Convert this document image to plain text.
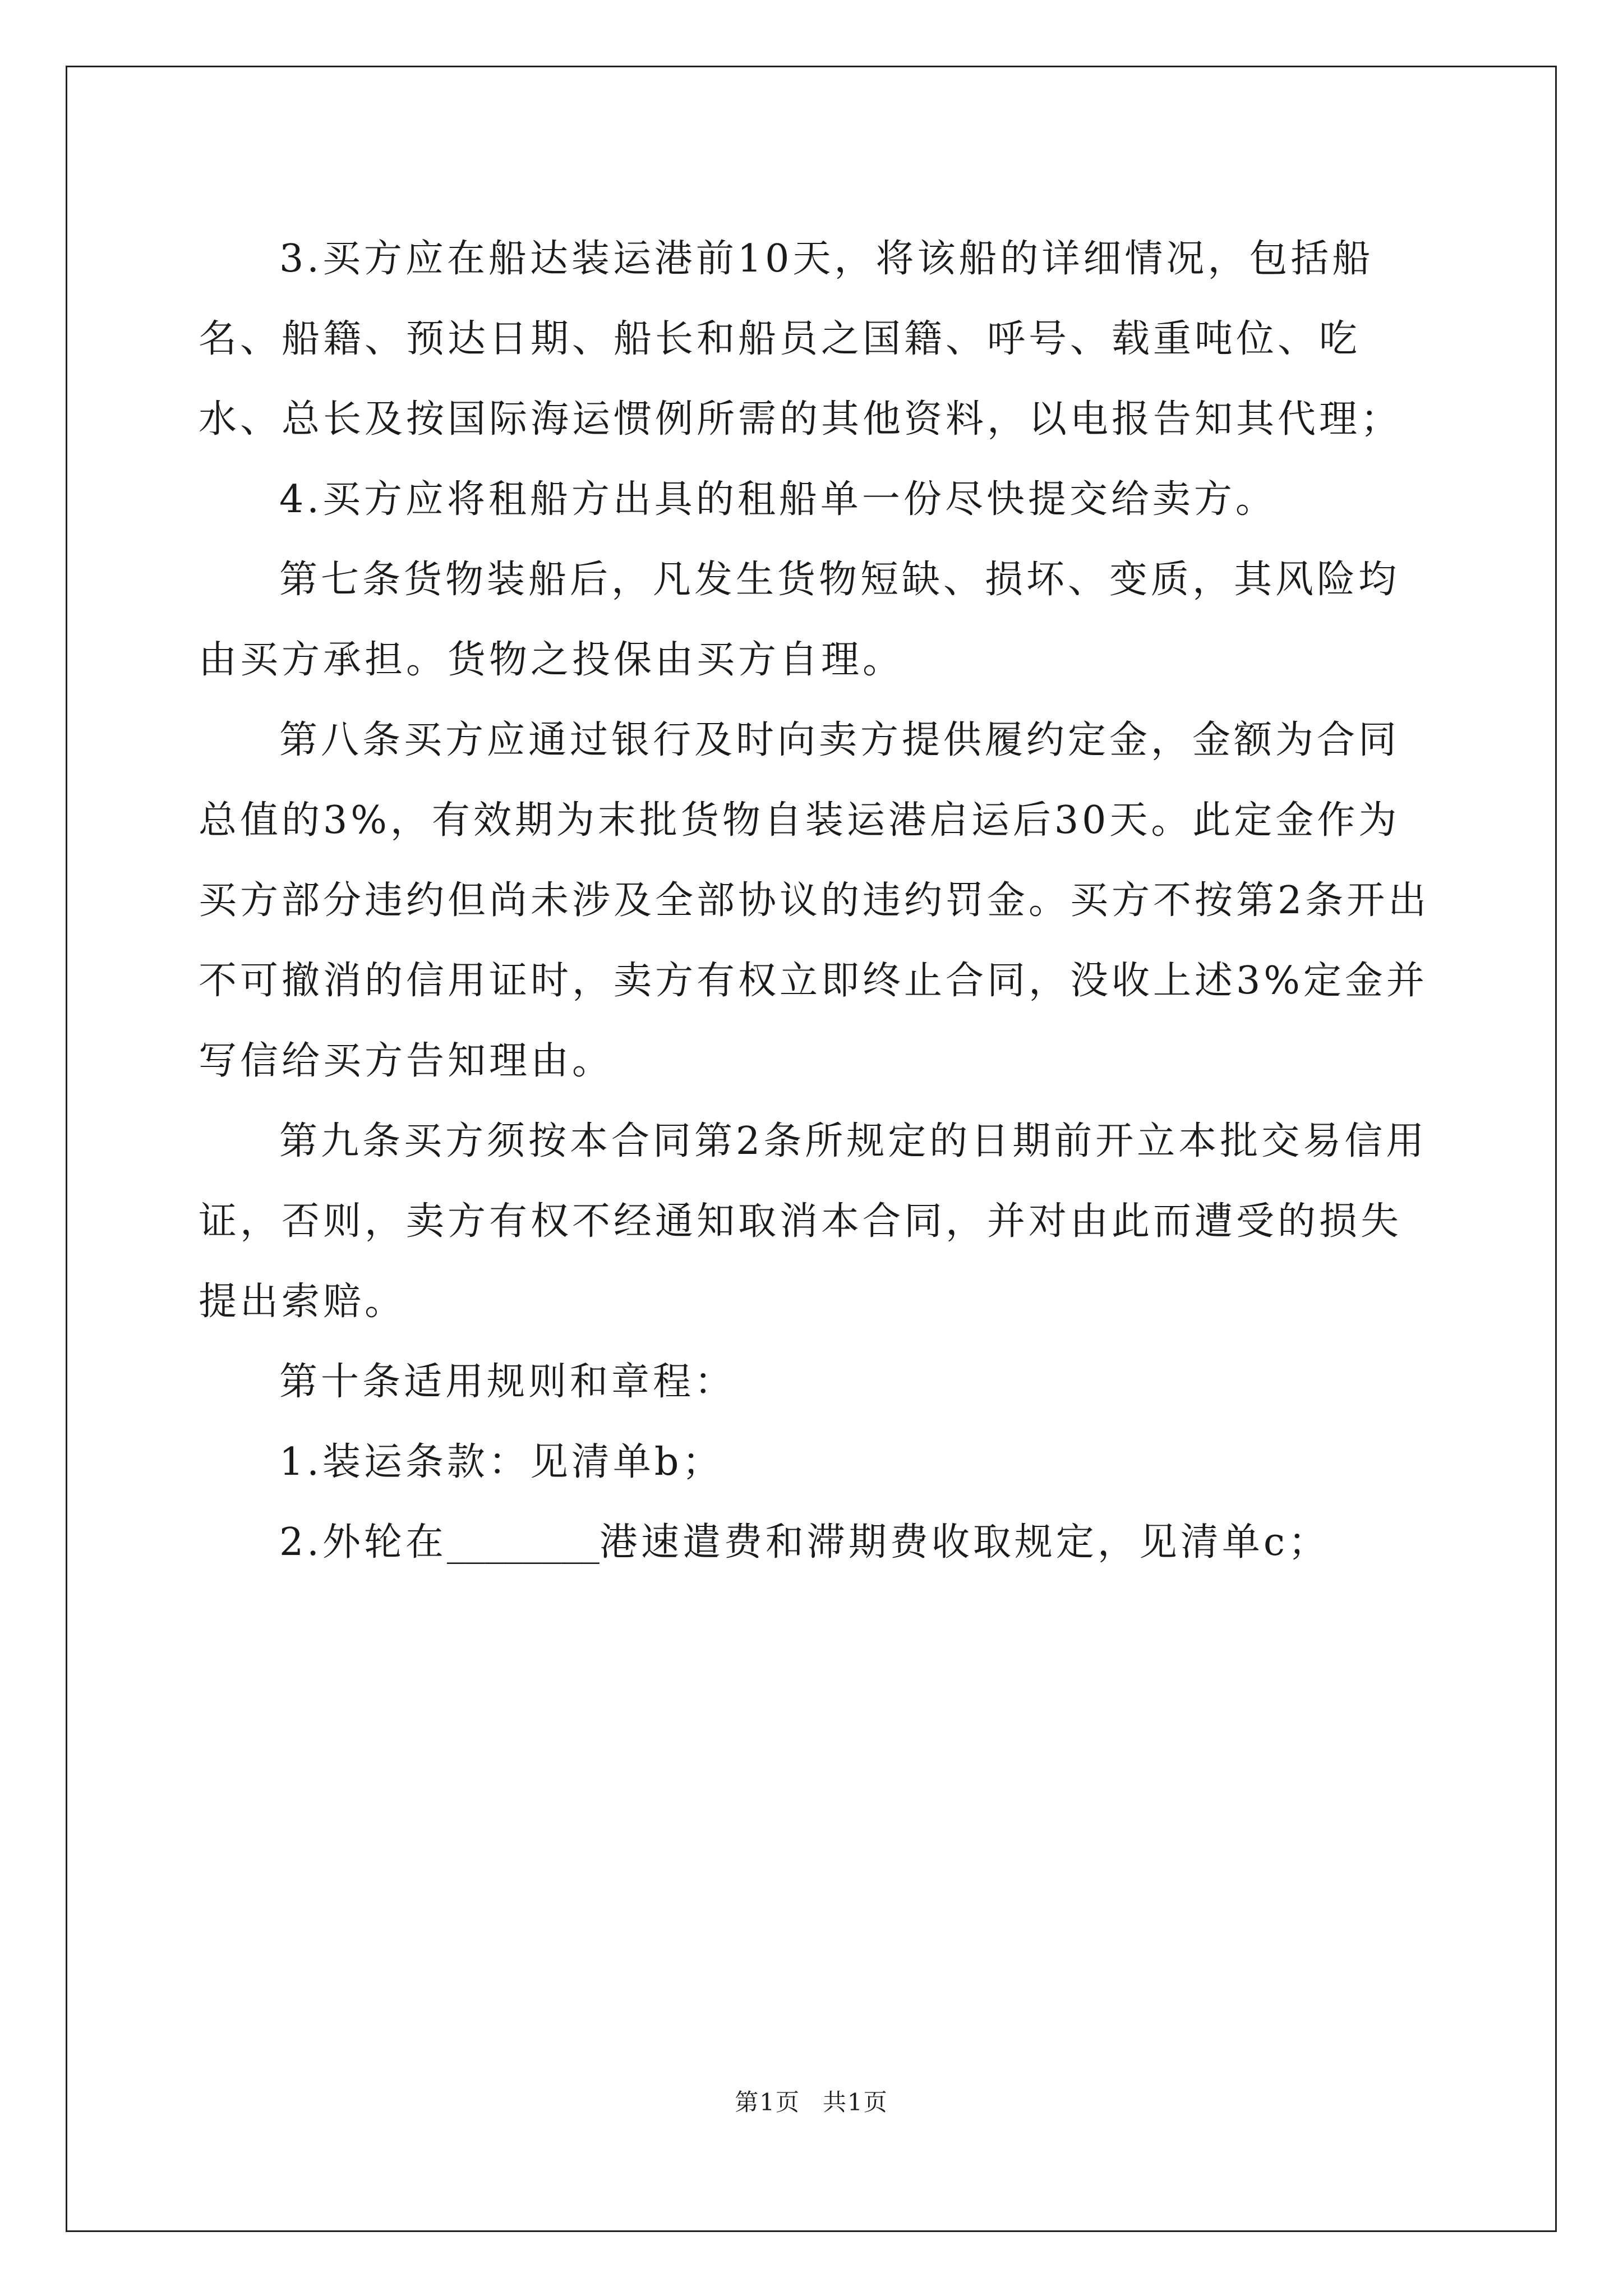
3.买方应在船达装运港前10天，将该船的详细情况，包括船名、船籍、预达日期、船长和船员之国籍、呼号、载重吨位、吃水、总长及按国际海运惯例所需的其他资料，以电报告知其代理；

4.买方应将租船方出具的租船单一份尽快提交给卖方。

第七条货物装船后，凡发生货物短缺、损坏、变质，其风险均由买方承担。货物之投保由买方自理。

第八条买方应通过银行及时向卖方提供履约定金，金额为合同总值的3%，有效期为末批货物自装运港启运后30天。此定金作为买方部分违约但尚未涉及全部协议的违约罚金。买方不按第2条开出不可撤消的信用证时，卖方有权立即终止合同，没收上述3%定金并写信给买方告知理由。

第九条买方须按本合同第2条所规定的日期前开立本批交易信用证，否则，卖方有权不经通知取消本合同，并对由此而遭受的损失提出索赔。

第十条适用规则和章程：

1.装运条款：见清单b；

2.外轮在________港速遣费和滞期费收取规定，见清单c；

第1页 共1页
